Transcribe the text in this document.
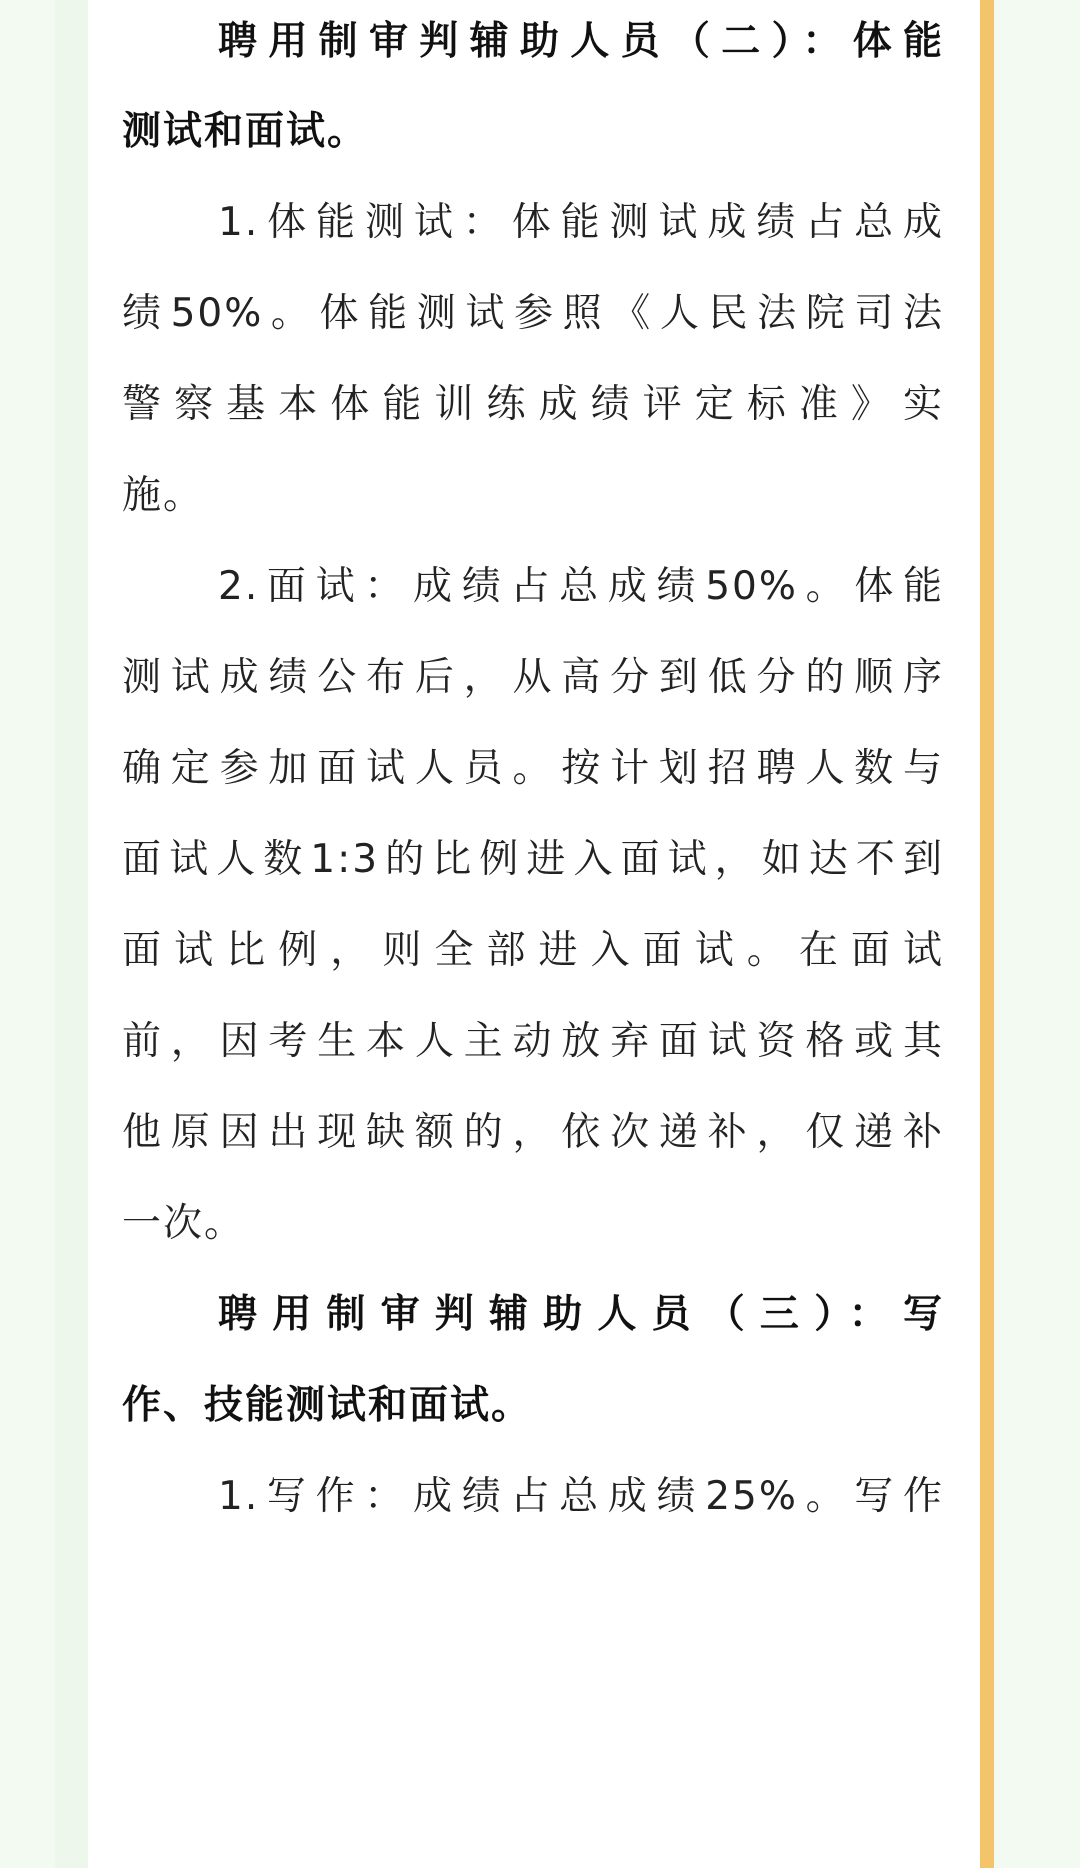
聘用制审判辅助人员（二）：体能
测试和面试。
1.体能测试：体能测试成绩占总成
绩50%。体能测试参照《人民法院司法
警察基本体能训练成绩评定标准》实
施。
2.面试：成绩占总成绩50%。体能
测试成绩公布后，从高分到低分的顺序
确定参加面试人员。按计划招聘人数与
面试人数1:3的比例进入面试，如达不到
面试比例，则全部进入面试。在面试
前，因考生本人主动放弃面试资格或其
他原因出现缺额的，依次递补，仅递补
一次。
聘用制审判辅助人员（三）：写
作、技能测试和面试。
1.写作：成绩占总成绩25%。写作
